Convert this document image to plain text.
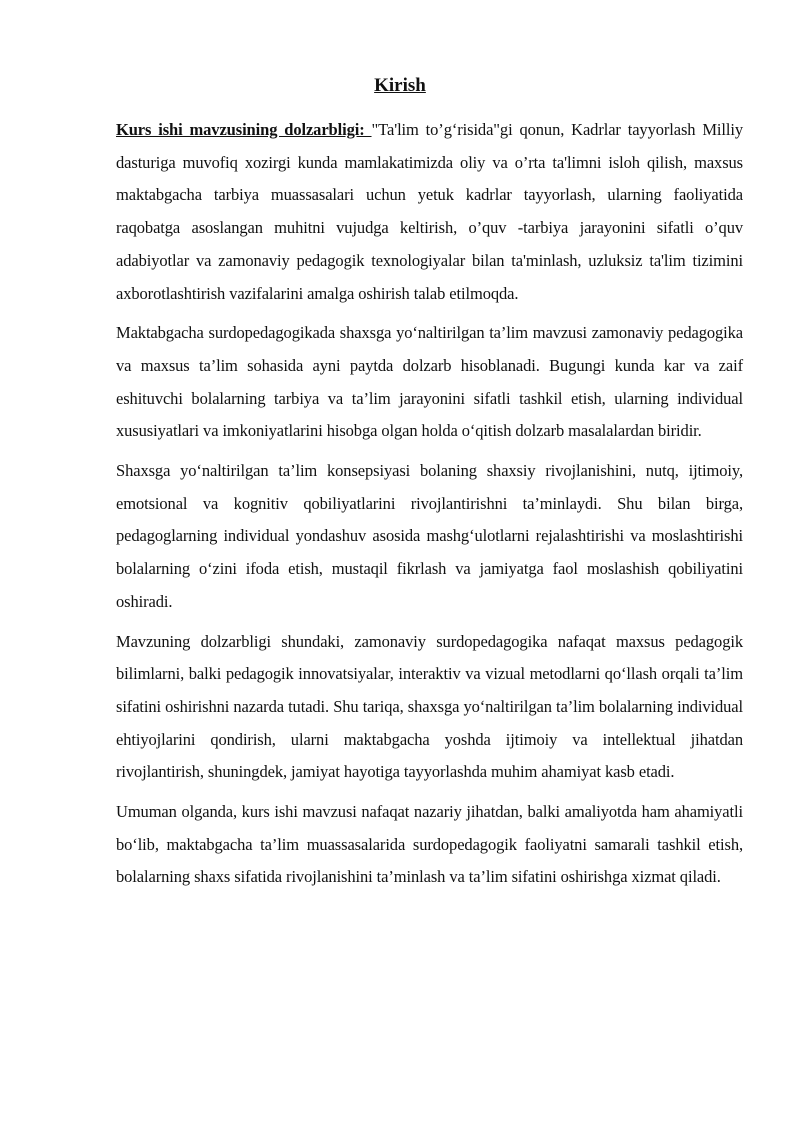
Kirish

Kurs ishi mavzusining dolzarbligi: "Ta'lim to’g‘risida"gi qonun, Kadrlar tayyorlash Milliy dasturiga muvofiq xozirgi kunda mamlakatimizda oliy va o’rta ta'limni isloh qilish, maxsus maktabgacha tarbiya muassasalari uchun yetuk kadrlar tayyorlash, ularning faoliyatida raqobatga asoslangan muhitni vujudga keltirish, o’quv -tarbiya jarayonini sifatli o’quv adabiyotlar va zamonaviy pedagogik texnologiyalar bilan ta'minlash, uzluksiz ta'lim tizimini axborotlashtirish vazifalarini amalga oshirish talab etilmoqda.

Maktabgacha surdopedagogikada shaxsga yo‘naltirilgan ta’lim mavzusi zamonaviy pedagogika va maxsus ta’lim sohasida ayni paytda dolzarb hisoblanadi. Bugungi kunda kar va zaif eshituvchi bolalarning tarbiya va ta’lim jarayonini sifatli tashkil etish, ularning individual xususiyatlari va imkoniyatlarini hisobga olgan holda o‘qitish dolzarb masalalardan biridir.

Shaxsga yo‘naltirilgan ta’lim konsepsiyasi bolaning shaxsiy rivojlanishini, nutq, ijtimoiy, emotsional va kognitiv qobiliyatlarini rivojlantirishni ta’minlaydi. Shu bilan birga, pedagoglarning individual yondashuv asosida mashg‘ulotlarni rejalashtirishi va moslashtirishi bolalarning o‘zini ifoda etish, mustaqil fikrlash va jamiyatga faol moslashish qobiliyatini oshiradi.

Mavzuning dolzarbligi shundaki, zamonaviy surdopedagogika nafaqat maxsus pedagogik bilimlarni, balki pedagogik innovatsiyalar, interaktiv va vizual metodlarni qo‘llash orqali ta’lim sifatini oshirishni nazarda tutadi. Shu tariqa, shaxsga yo‘naltirilgan ta’lim bolalarning individual ehtiyojlarini qondirish, ularni maktabgacha yoshda ijtimoiy va intellektual jihatdan rivojlantirish, shuningdek, jamiyat hayotiga tayyorlashda muhim ahamiyat kasb etadi.

Umuman olganda, kurs ishi mavzusi nafaqat nazariy jihatdan, balki amaliyotda ham ahamiyatli bo‘lib, maktabgacha ta’lim muassasalarida surdopedagogik faoliyatni samarali tashkil etish, bolalarning shaxs sifatida rivojlanishini ta’minlash va ta’lim sifatini oshirishga xizmat qiladi.
